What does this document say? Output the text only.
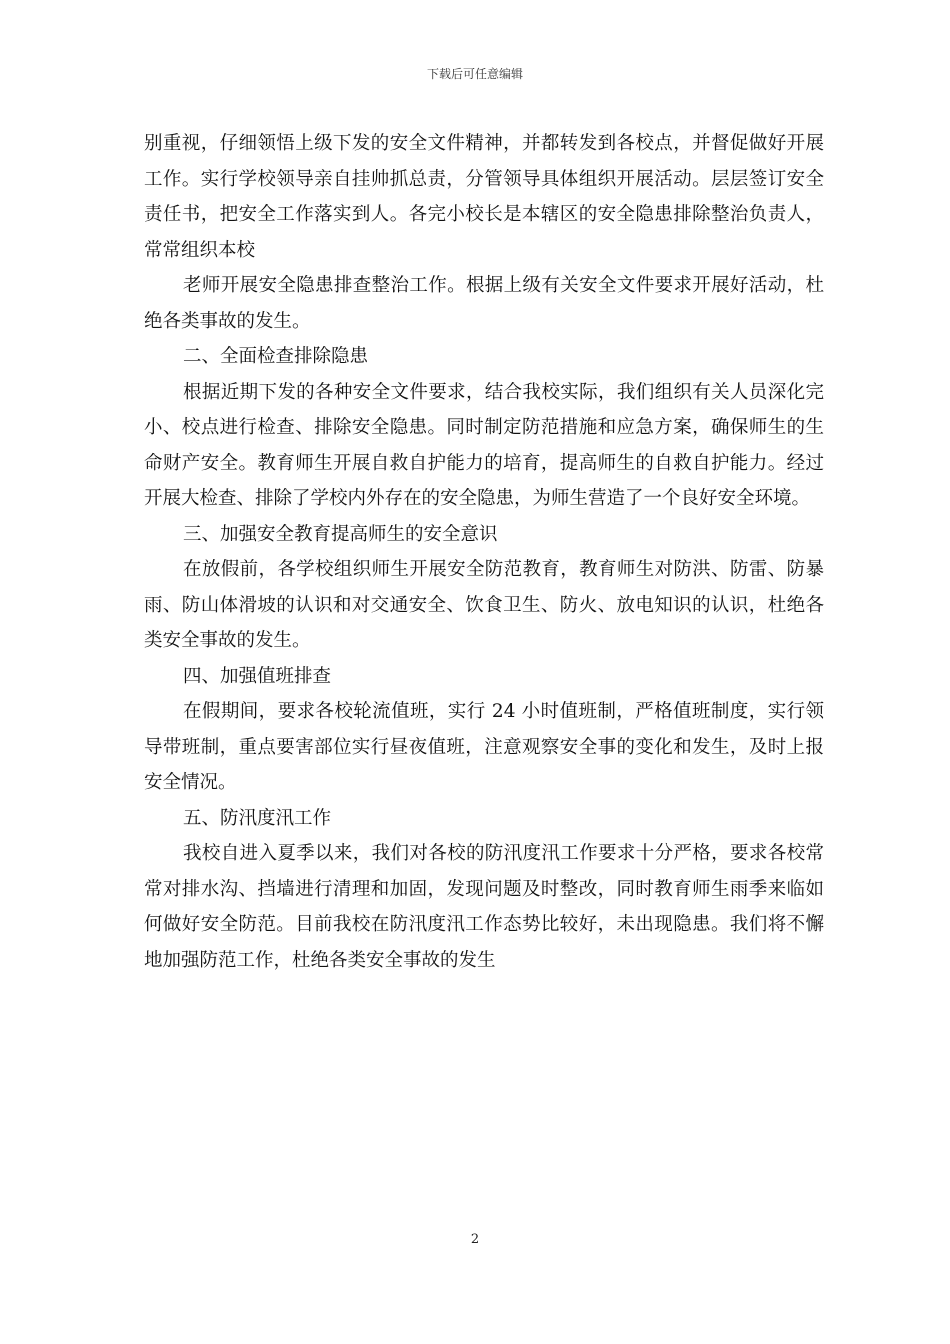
下载后可任意编辑

别重视，仔细领悟上级下发的安全文件精神，并都转发到各校点，并督促做好开展工作。实行学校领导亲自挂帅抓总责，分管领导具体组织开展活动。层层签订安全责任书，把安全工作落实到人。各完小校长是本辖区的安全隐患排除整治负责人，常常组织本校

老师开展安全隐患排查整治工作。根据上级有关安全文件要求开展好活动，杜绝各类事故的发生。

二、全面检查排除隐患

根据近期下发的各种安全文件要求，结合我校实际，我们组织有关人员深化完小、校点进行检查、排除安全隐患。同时制定防范措施和应急方案，确保师生的生命财产安全。教育师生开展自救自护能力的培育，提高师生的自救自护能力。经过开展大检查、排除了学校内外存在的安全隐患，为师生营造了一个良好安全环境。

三、加强安全教育提高师生的安全意识

在放假前，各学校组织师生开展安全防范教育，教育师生对防洪、防雷、防暴雨、防山体滑坡的认识和对交通安全、饮食卫生、防火、放电知识的认识，杜绝各类安全事故的发生。

四、加强值班排查

在假期间，要求各校轮流值班，实行 24 小时值班制，严格值班制度，实行领导带班制，重点要害部位实行昼夜值班，注意观察安全事的变化和发生，及时上报安全情况。

五、防汛度汛工作

我校自进入夏季以来，我们对各校的防汛度汛工作要求十分严格，要求各校常常对排水沟、挡墙进行清理和加固，发现问题及时整改，同时教育师生雨季来临如何做好安全防范。目前我校在防汛度汛工作态势比较好，未出现隐患。我们将不懈地加强防范工作，杜绝各类安全事故的发生

2
